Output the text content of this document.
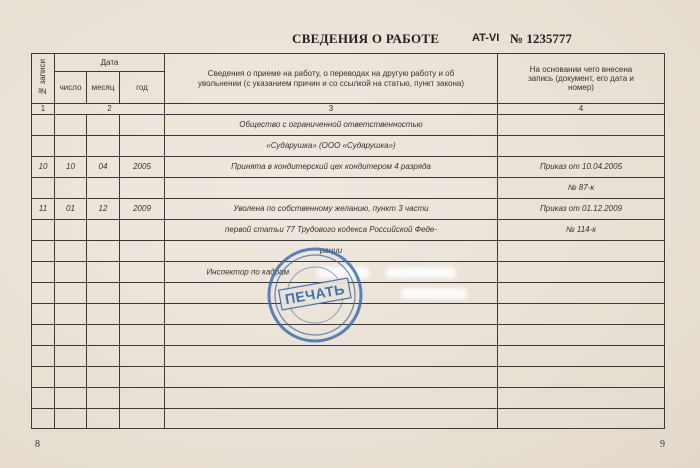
СВЕДЕНИЯ О РАБОТЕ	AT-VI № 1235777
№ записи	Дата			Сведения о приеме на работу, о переводах на другую работу и об увольнении (с указанием причин и со ссылкой на статью, пункт закона)	На основании чего внесена запись (документ, его дата и номер)
	число	месяц	год		
1	2			3	4
				Общество с ограниченной ответственностью	
				«Сударушка» (ООО «Сударушка»)	
10	10	04	2005	Принята в кондитерский цех кондитером 4 разряда	Приказ от 10.04.2005
					№ 87-к
11	01	12	2009	Уволена по собственному желанию, пункт 3 части	Приказ от 01.12.2009
				первой статьи 77 Трудового кодекса Российской Феде-	№ 114-к
				рации	
				Инспектор по кадрам	

ПЕЧАТЬ
8	9
